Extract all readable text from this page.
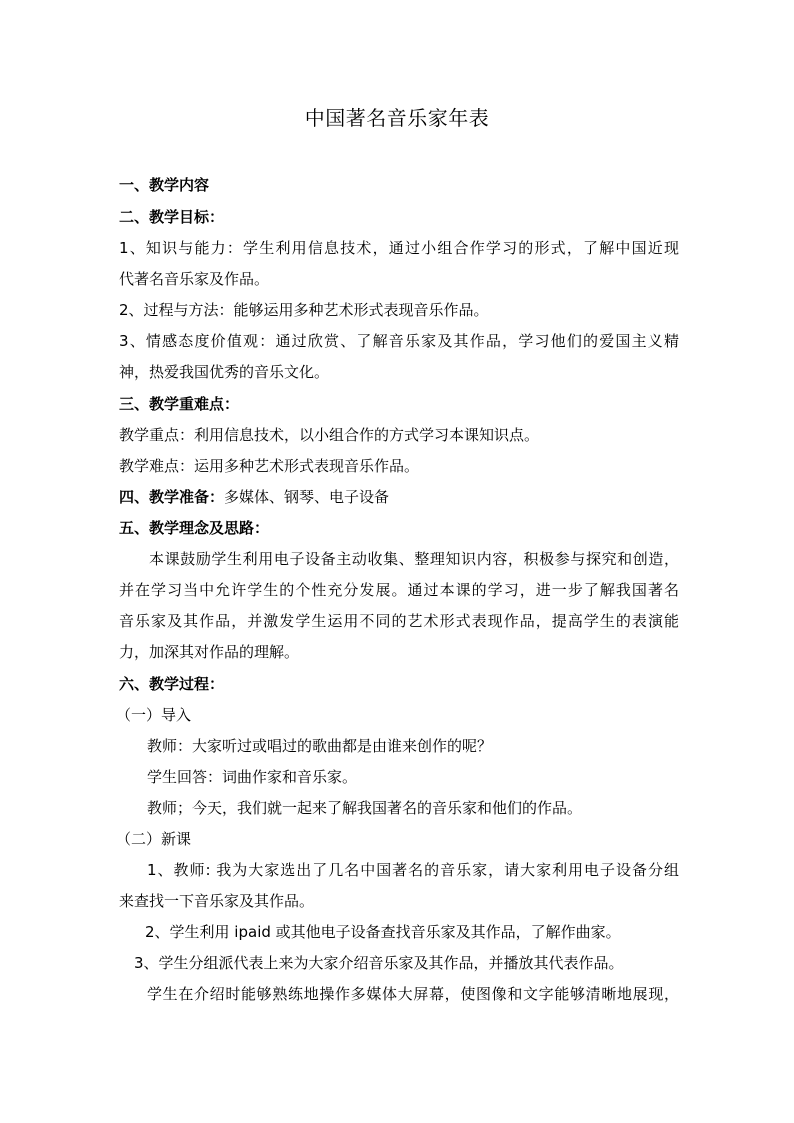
中国著名音乐家年表
一、教学内容
二、教学目标：
1、知识与能力：学生利用信息技术，通过小组合作学习的形式，了解中国近现
代著名音乐家及作品。
2、过程与方法：能够运用多种艺术形式表现音乐作品。
3、情感态度价值观：通过欣赏、了解音乐家及其作品，学习他们的爱国主义精
神，热爱我国优秀的音乐文化。
三、教学重难点：
教学重点：利用信息技术，以小组合作的方式学习本课知识点。
教学难点：运用多种艺术形式表现音乐作品。
四、教学准备：多媒体、钢琴、电子设备
五、教学理念及思路：
本课鼓励学生利用电子设备主动收集、整理知识内容，积极参与探究和创造，
并在学习当中允许学生的个性充分发展。通过本课的学习，进一步了解我国著名
音乐家及其作品，并激发学生运用不同的艺术形式表现作品，提高学生的表演能
力，加深其对作品的理解。
六、教学过程：
（一）导入
教师：大家听过或唱过的歌曲都是由谁来创作的呢？
学生回答：词曲作家和音乐家。
教师；今天，我们就一起来了解我国著名的音乐家和他们的作品。
（二）新课
1、教师: 我为大家选出了几名中国著名的音乐家，请大家利用电子设备分组
来查找一下音乐家及其作品。
2、学生利用 ipaid 或其他电子设备查找音乐家及其作品，了解作曲家。
3、学生分组派代表上来为大家介绍音乐家及其作品，并播放其代表作品。
学生在介绍时能够熟练地操作多媒体大屏幕，使图像和文字能够清晰地展现，
